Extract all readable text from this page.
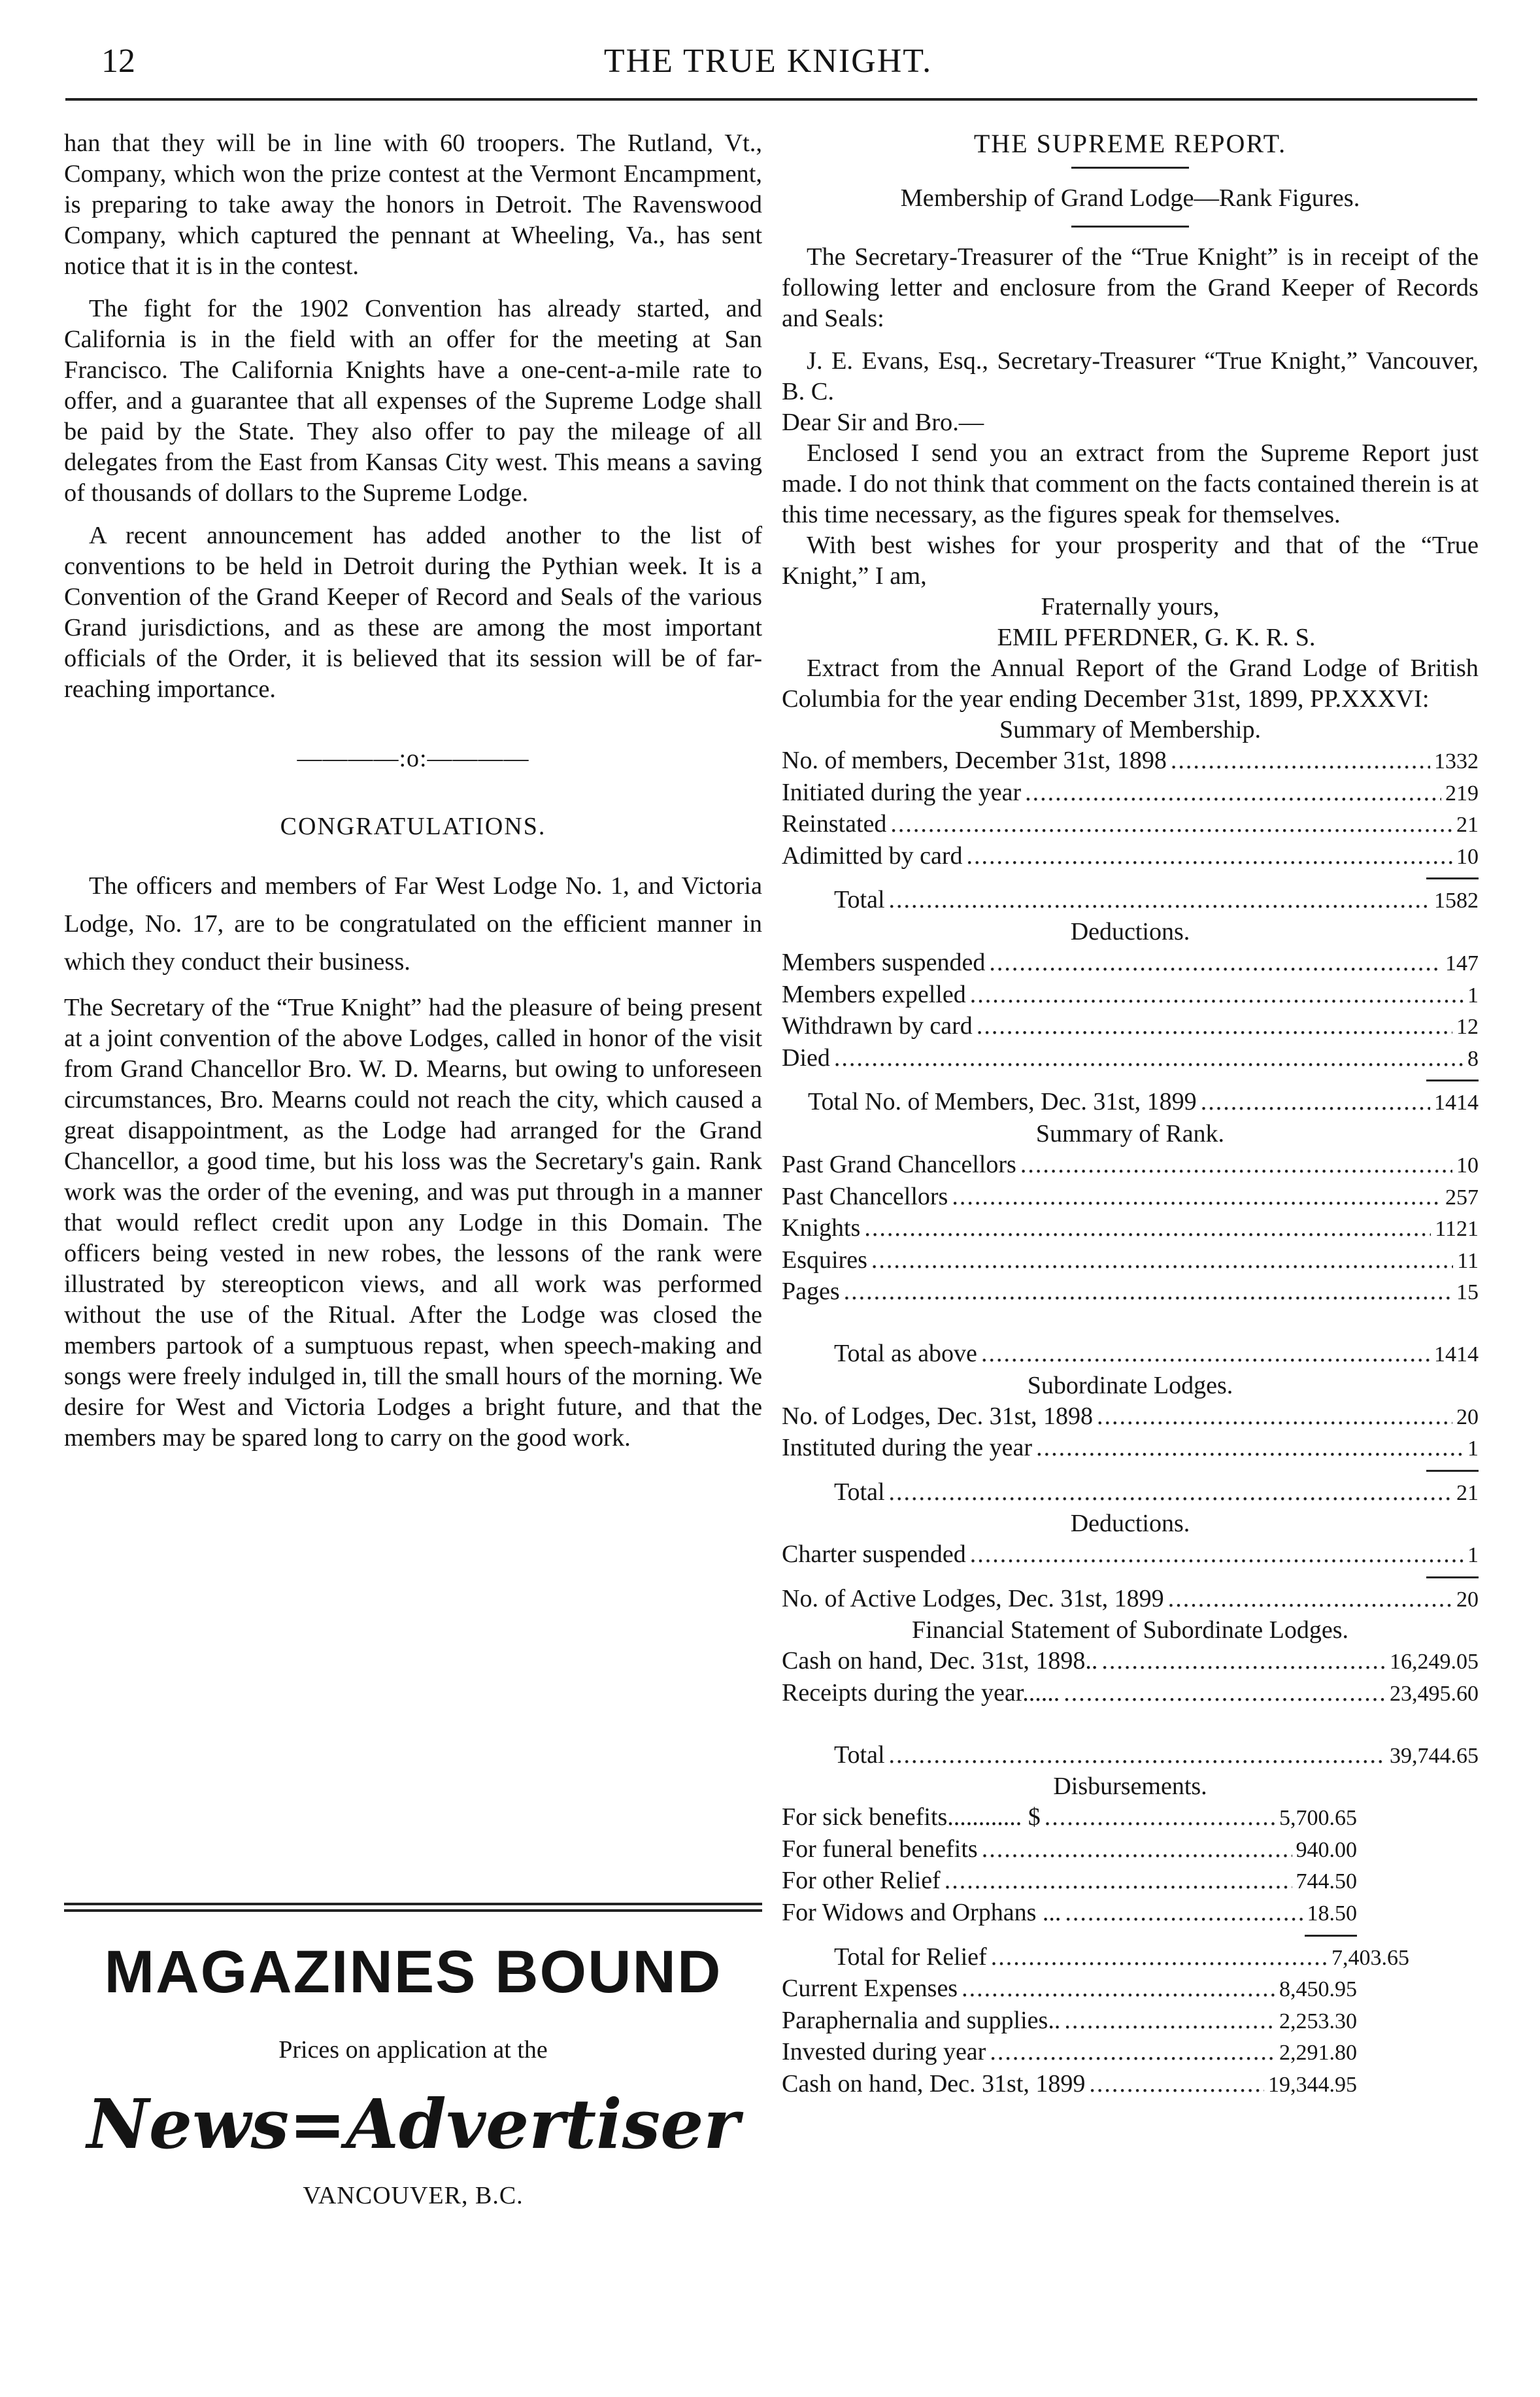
12	THE TRUE KNIGHT.

han that they will be in line with 60 troopers. The Rutland, Vt., Company, which won the prize contest at the Vermont Encampment, is preparing to take away the honors in Detroit. The Ravenswood Company, which captured the pennant at Wheeling, Va., has sent notice that it is in the contest.

The fight for the 1902 Convention has already started, and California is in the field with an offer for the meeting at San Francisco. The California Knights have a one-cent-a-mile rate to offer, and a guarantee that all expenses of the Supreme Lodge shall be paid by the State. They also offer to pay the mileage of all delegates from the East from Kansas City west. This means a saving of thousands of dollars to the Supreme Lodge.

A recent announcement has added another to the list of conventions to be held in Detroit during the Pythian week. It is a Convention of the Grand Keeper of Record and Seals of the various Grand jurisdictions, and as these are among the most important officials of the Order, it is believed that its session will be of far-reaching importance.

————:o:————
CONGRATULATIONS.

The officers and members of Far West Lodge No. 1, and Victoria Lodge, No. 17, are to be congratulated on the efficient manner in which they conduct their business.

The Secretary of the “True Knight” had the pleasure of being present at a joint convention of the above Lodges, called in honor of the visit from Grand Chancellor Bro. W. D. Mearns, but owing to unforeseen circumstances, Bro. Mearns could not reach the city, which caused a great disappointment, as the Lodge had arranged for the Grand Chancellor, a good time, but his loss was the Secretary's gain. Rank work was the order of the evening, and was put through in a manner that would reflect credit upon any Lodge in this Domain. The officers being vested in new robes, the lessons of the rank were illustrated by stereopticon views, and all work was performed without the use of the Ritual. After the Lodge was closed the members partook of a sumptuous repast, when speech-making and songs were freely indulged in, till the small hours of the morning. We desire for West and Victoria Lodges a bright future, and that the members may be spared long to carry on the good work.

MAGAZINES BOUND
Prices on application at the
News=Advertiser
VANCOUVER, B.C.
THE SUPREME REPORT.

Membership of Grand Lodge—Rank Figures.

The Secretary-Treasurer of the “True Knight” is in receipt of the following letter and enclosure from the Grand Keeper of Records and Seals:

J. E. Evans, Esq., Secretary-Treasurer “True Knight,” Vancouver, B. C.

Dear Sir and Bro.—

Enclosed I send you an extract from the Supreme Report just made. I do not think that comment on the facts contained therein is at this time necessary, as the figures speak for themselves.

With best wishes for your prosperity and that of the “True Knight,” I am,

Fraternally yours,

EMIL PFERDNER, G. K. R. S.

Extract from the Annual Report of the Grand Lodge of British Columbia for the year ending December 31st, 1899, PP.XXXVI:

Summary of Membership.
No. of members, December 31st, 1898 .....	1332
Initiated during the year .....	219
Reinstated .....	21
Adimitted by card .....	10
Total .....	1582
Deductions.
Members suspended .....	147
Members expelled .....	1
Withdrawn by card .....	12
Died .....	8
Total No. of Members, Dec. 31st, 1899 .....	1414
Summary of Rank.
Past Grand Chancellors .....	10
Past Chancellors .....	257
Knights .....	1121
Esquires .....	11
Pages .....	15
Total as above .....	1414
Subordinate Lodges.
No. of Lodges, Dec. 31st, 1898 .....	20
Instituted during the year .....	1
Total .....	21
Deductions.
Charter suspended .....	1
No. of Active Lodges, Dec. 31st, 1899 .....	20
Financial Statement of Subordinate Lodges.
Cash on hand, Dec. 31st, 1898.. .....	16,249.05
Receipts during the year...... .....	23,495.60
Total .....	39,744.65
Disbursements.
For sick benefits............ $ .....	5,700.65
For funeral benefits .....	940.00
For other Relief .....	744.50
For Widows and Orphans ... .....	18.50
Total for Relief .....	7,403.65
Current Expenses .....	8,450.95
Paraphernalia and supplies.. .....	2,253.30
Invested during year .....	2,291.80
Cash on hand, Dec. 31st, 1899 .....	19,344.95
